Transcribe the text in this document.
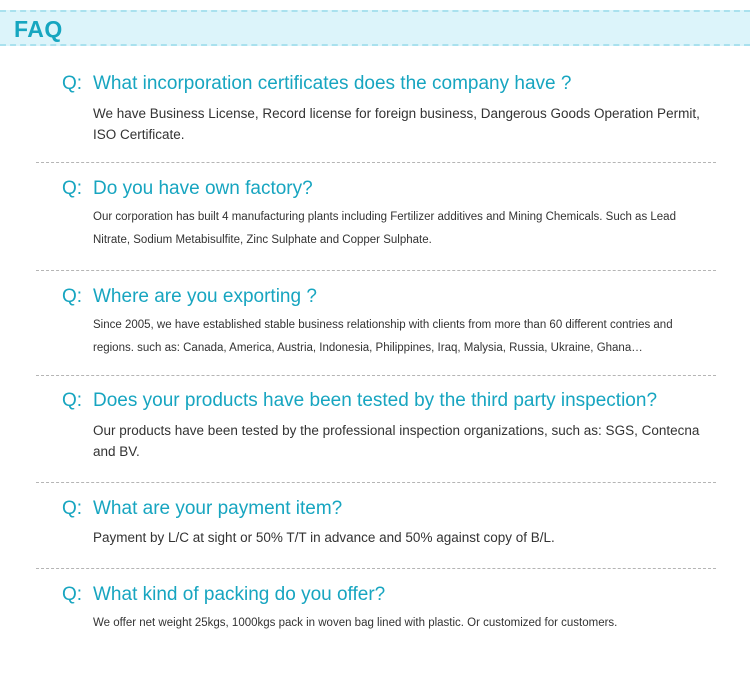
FAQ
Q: What incorporation certificates does the company have ?
We have Business License, Record license for foreign business, Dangerous Goods Operation Permit, ISO Certificate.
Q: Do you have own factory?
Our corporation has built 4 manufacturing plants including Fertilizer additives and Mining Chemicals. Such as Lead Nitrate, Sodium Metabisulfite, Zinc Sulphate and Copper Sulphate.
Q: Where are you exporting ?
Since 2005, we have established stable business relationship with clients from more than 60 different contries and regions. such as: Canada, America, Austria, Indonesia, Philippines, Iraq, Malysia, Russia, Ukraine, Ghana…
Q: Does your products have been tested by the third party inspection?
Our products have been tested by the professional inspection organizations, such as: SGS, Contecna and BV.
Q: What are your payment item?
Payment by L/C at sight or 50% T/T in advance and 50% against copy of B/L.
Q: What kind of packing do you offer?
We offer net weight 25kgs, 1000kgs pack in woven bag lined with plastic. Or customized for customers.
